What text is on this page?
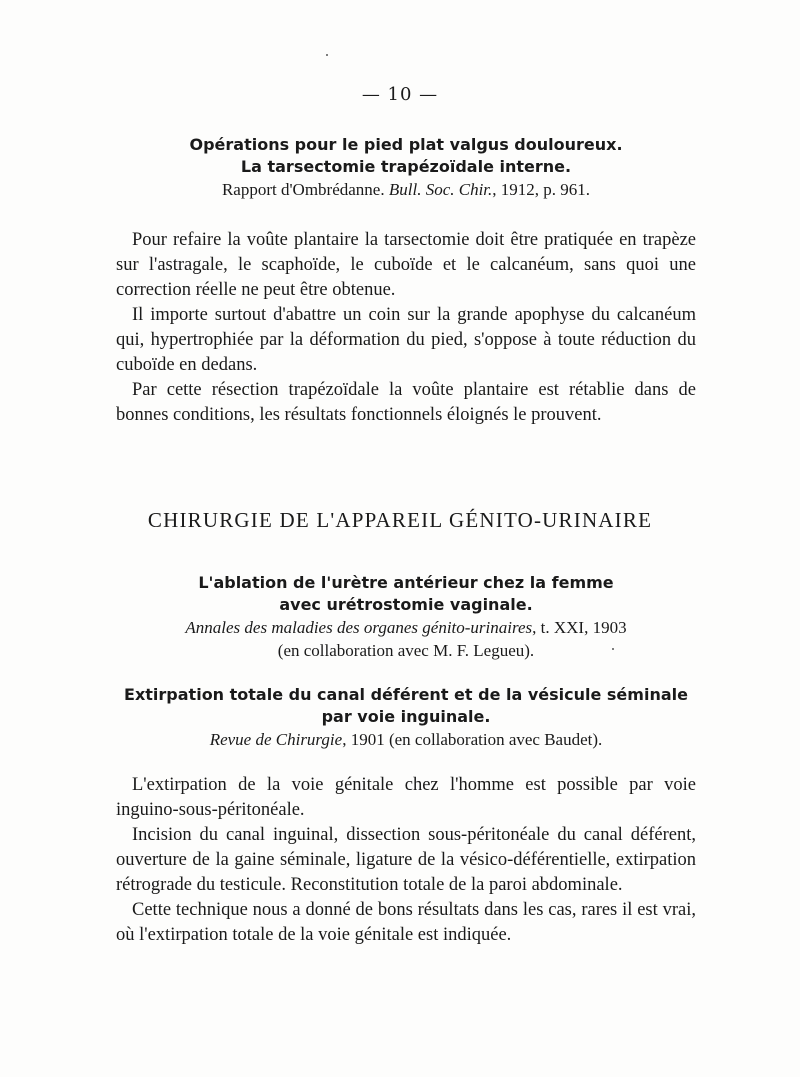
— 10 —

Opérations pour le pied plat valgus douloureux.

La tarsectomie trapézoïdale interne.

Rapport d'Ombrédanne. Bull. Soc. Chir., 1912, p. 961.

Pour refaire la voûte plantaire la tarsectomie doit être pratiquée en trapèze sur l'astragale, le scaphoïde, le cuboïde et le calcanéum, sans quoi une correction réelle ne peut être obtenue.

Il importe surtout d'abattre un coin sur la grande apophyse du calcanéum qui, hypertrophiée par la déformation du pied, s'oppose à toute réduction du cuboïde en dedans.

Par cette résection trapézoïdale la voûte plantaire est rétablie dans de bonnes conditions, les résultats fonctionnels éloignés le prouvent.

CHIRURGIE DE L'APPAREIL GÉNITO-URINAIRE

L'ablation de l'urètre antérieur chez la femme

avec urétrostomie vaginale.

Annales des maladies des organes génito-urinaires, t. XXI, 1903

(en collaboration avec M. F. Legueu).

Extirpation totale du canal déférent et de la vésicule séminale

par voie inguinale.

Revue de Chirurgie, 1901 (en collaboration avec Baudet).

L'extirpation de la voie génitale chez l'homme est possible par voie inguino-sous-péritonéale.

Incision du canal inguinal, dissection sous-péritonéale du canal déférent, ouverture de la gaine séminale, ligature de la vésico-déférentielle, extirpation rétrograde du testicule. Reconstitution totale de la paroi abdominale.

Cette technique nous a donné de bons résultats dans les cas, rares il est vrai, où l'extirpation totale de la voie génitale est indiquée.
